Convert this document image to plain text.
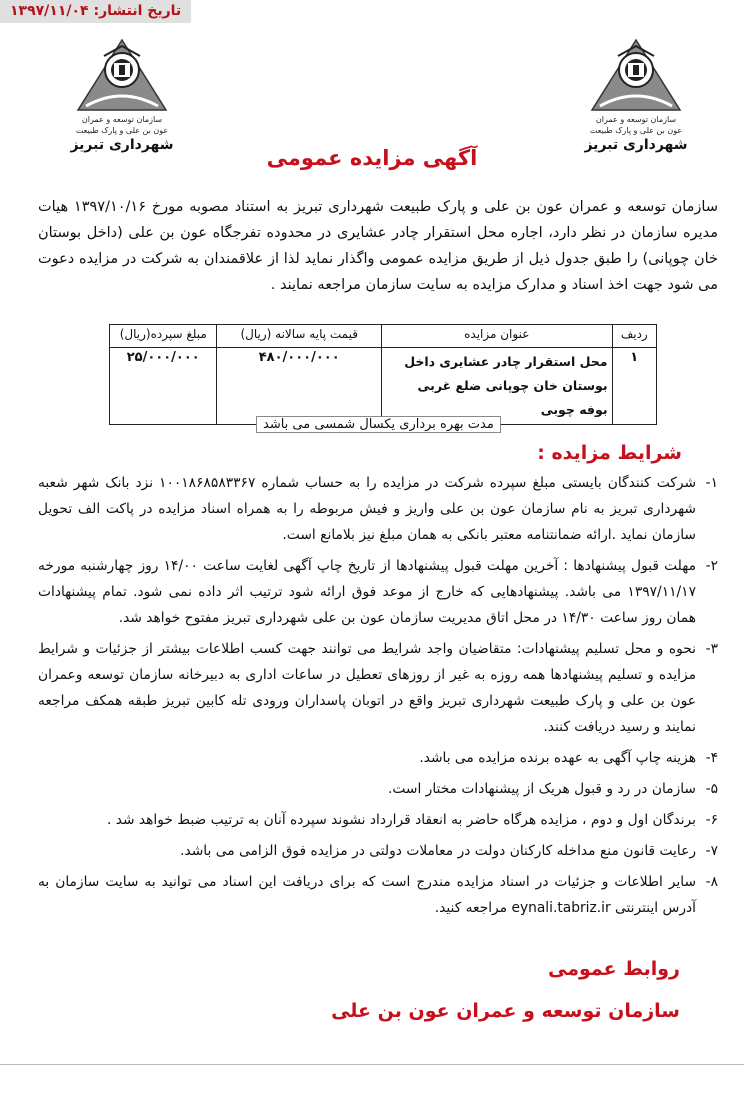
تاریخ انتشار: ۱۳۹۷/۱۱/۰۴
سازمان توسعه و عمران
عون بن علی و پارک طبیعت
شهرداری تبریز
سازمان توسعه و عمران
عون بن علی و پارک طبیعت
شهرداری تبریز
آگهی مزایده عمومی
سازمان توسعه و عمران عون بن علی و پارک طبیعت شهرداری تبریز به استناد مصوبه مورخ ۱۳۹۷/۱۰/۱۶ هیات مدیره سازمان در نظر دارد، اجاره محل استقرار چادر عشایری در محدوده تفرجگاه عون بن علی (داخل بوستان خان چوپانی) را طبق جدول ذیل از طریق مزایده عمومی واگذار نماید لذا از علاقمندان به شرکت در مزایده دعوت می شود جهت اخذ اسناد و مدارک مزایده به سایت سازمان مراجعه نمایند .
ردیف	عنوان مزایده	قیمت پایه سالانه (ریال)	مبلغ سپرده(ریال)
۱	محل استقرار چادر عشایری داخل بوستان خان چوپانی ضلع غربی بوفه چوبی	۴۸۰/۰۰۰/۰۰۰	۲۵/۰۰۰/۰۰۰
مدت بهره برداری یکسال شمسی می باشد
شرایط مزایده :
۱-
شرکت کنندگان بایستی مبلغ سپرده شرکت در مزایده را به حساب شماره ۱۰۰۱۸۶۸۵۸۳۳۶۷ نزد بانک شهر شعبه شهرداری تبریز به نام سازمان عون بن علی واریز و فیش مربوطه را به همراه اسناد مزایده در پاکت الف تحویل سازمان نماید .ارائه ضمانتنامه معتبر بانکی به همان مبلغ نیز بلامانع است.
۲-
مهلت قبول پیشنهادها : آخرین مهلت قبول پیشنهادها از تاریخ چاپ آگهی لغایت ساعت ۱۴/۰۰ روز چهارشنبه مورخه ۱۳۹۷/۱۱/۱۷ می باشد. پیشنهادهایی که خارج از موعد فوق ارائه شود ترتیب اثر داده نمی شود. تمام پیشنهادات همان روز ساعت ۱۴/۳۰ در محل اتاق مدیریت سازمان عون بن علی شهرداری تبریز مفتوح خواهد شد.
۳-
نحوه و محل تسلیم پیشنهادات: متقاضیان واجد شرایط می توانند جهت کسب اطلاعات بیشتر از جزئیات و شرایط مزایده و تسلیم پیشنهادها همه روزه به غیر از روزهای تعطیل در ساعات اداری به دبیرخانه سازمان توسعه وعمران عون بن علی و پارک طبیعت شهرداری تبریز واقع در اتوبان پاسداران ورودی تله کابین تبریز طبقه همکف مراجعه نمایند و رسید دریافت کنند.
۴-
هزینه چاپ آگهی به عهده برنده مزایده می باشد.
۵-
سازمان در رد و قبول هریک از پیشنهادات مختار است.
۶-
برندگان اول و دوم ، مزایده هرگاه حاضر به انعقاد قرارداد نشوند سپرده آنان به ترتیب ضبط خواهد شد .
۷-
رعایت قانون منع مداخله کارکنان دولت در معاملات دولتی در مزایده فوق الزامی می باشد.
۸-
سایر اطلاعات و جزئیات در اسناد مزایده مندرج است که برای دریافت این اسناد می توانید به سایت سازمان به آدرس اینترنتی eynali.tabriz.ir مراجعه کنید.
روابط عمومی
سازمان توسعه و عمران عون بن علی
